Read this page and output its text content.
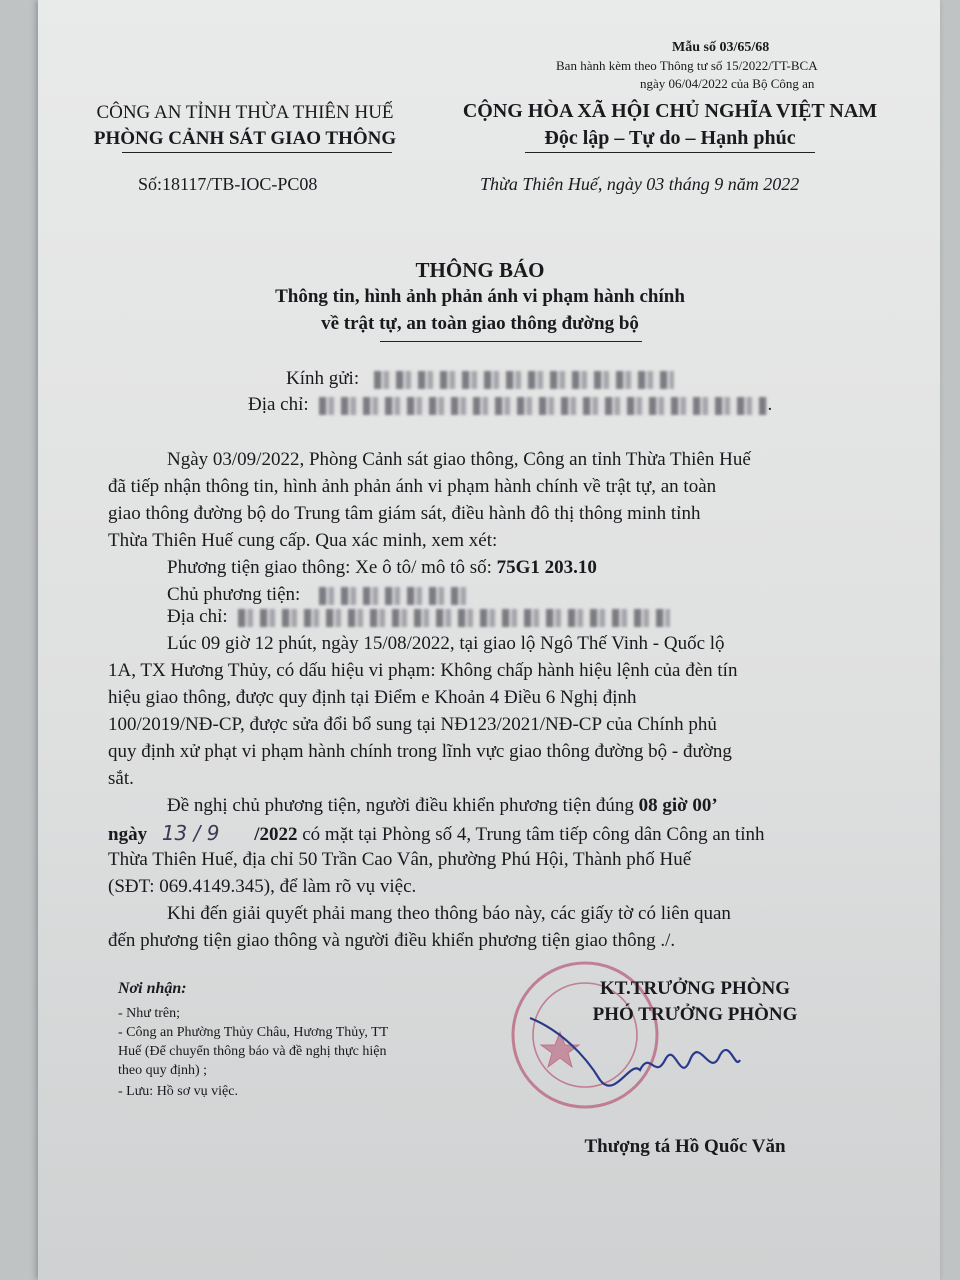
Mẫu số 03/65/68
Ban hành kèm theo Thông tư số 15/2022/TT-BCA
ngày 06/04/2022 của Bộ Công an
CÔNG AN TỈNH THỪA THIÊN HUẾ
PHÒNG CẢNH SÁT GIAO THÔNG
Số:18117/TB-IOC-PC08
CỘNG HÒA XÃ HỘI CHỦ NGHĨA VIỆT NAM
Độc lập – Tự do – Hạnh phúc
Thừa Thiên Huế, ngày 03 tháng 9 năm 2022
THÔNG BÁO
Thông tin, hình ảnh phản ánh vi phạm hành chính
về trật tự, an toàn giao thông đường bộ
Kính gửi:
Địa chỉ:	.
Ngày 03/09/2022, Phòng Cảnh sát giao thông, Công an tỉnh Thừa Thiên Huế
đã tiếp nhận thông tin, hình ảnh phản ánh vi phạm hành chính về trật tự, an toàn
giao thông đường bộ do Trung tâm giám sát, điều hành đô thị thông minh tỉnh
Thừa Thiên Huế cung cấp. Qua xác minh, xem xét:
Phương tiện giao thông: Xe ô tô/ mô tô số: 75G1 203.10
Chủ phương tiện:
Địa chỉ:
Lúc 09 giờ 12 phút, ngày 15/08/2022, tại giao lộ Ngô Thế Vinh - Quốc lộ
1A, TX Hương Thủy, có dấu hiệu vi phạm: Không chấp hành hiệu lệnh của đèn tín
hiệu giao thông, được quy định tại Điểm e Khoản 4 Điều 6 Nghị định
100/2019/NĐ-CP, được sửa đổi bổ sung tại NĐ123/2021/NĐ-CP của Chính phủ
quy định xử phạt vi phạm hành chính trong lĩnh vực giao thông đường bộ - đường
sắt.
Đề nghị chủ phương tiện, người điều khiển phương tiện đúng 08 giờ 00’
ngày 13 / 9 /2022 có mặt tại Phòng số 4, Trung tâm tiếp công dân Công an tỉnh
Thừa Thiên Huế, địa chỉ 50 Trần Cao Vân, phường Phú Hội, Thành phố Huế
(SĐT: 069.4149.345), để làm rõ vụ việc.
Khi đến giải quyết phải mang theo thông báo này, các giấy tờ có liên quan
đến phương tiện giao thông và người điều khiển phương tiện giao thông ./.
Nơi nhận:
- Như trên;
- Công an Phường Thủy Châu, Hương Thủy, TT
Huế (Để chuyển thông báo và đề nghị thực hiện
theo quy định) ;
- Lưu: Hồ sơ vụ việc.
KT.TRƯỞNG PHÒNG
PHÓ TRƯỞNG PHÒNG
Thượng tá Hồ Quốc Văn
